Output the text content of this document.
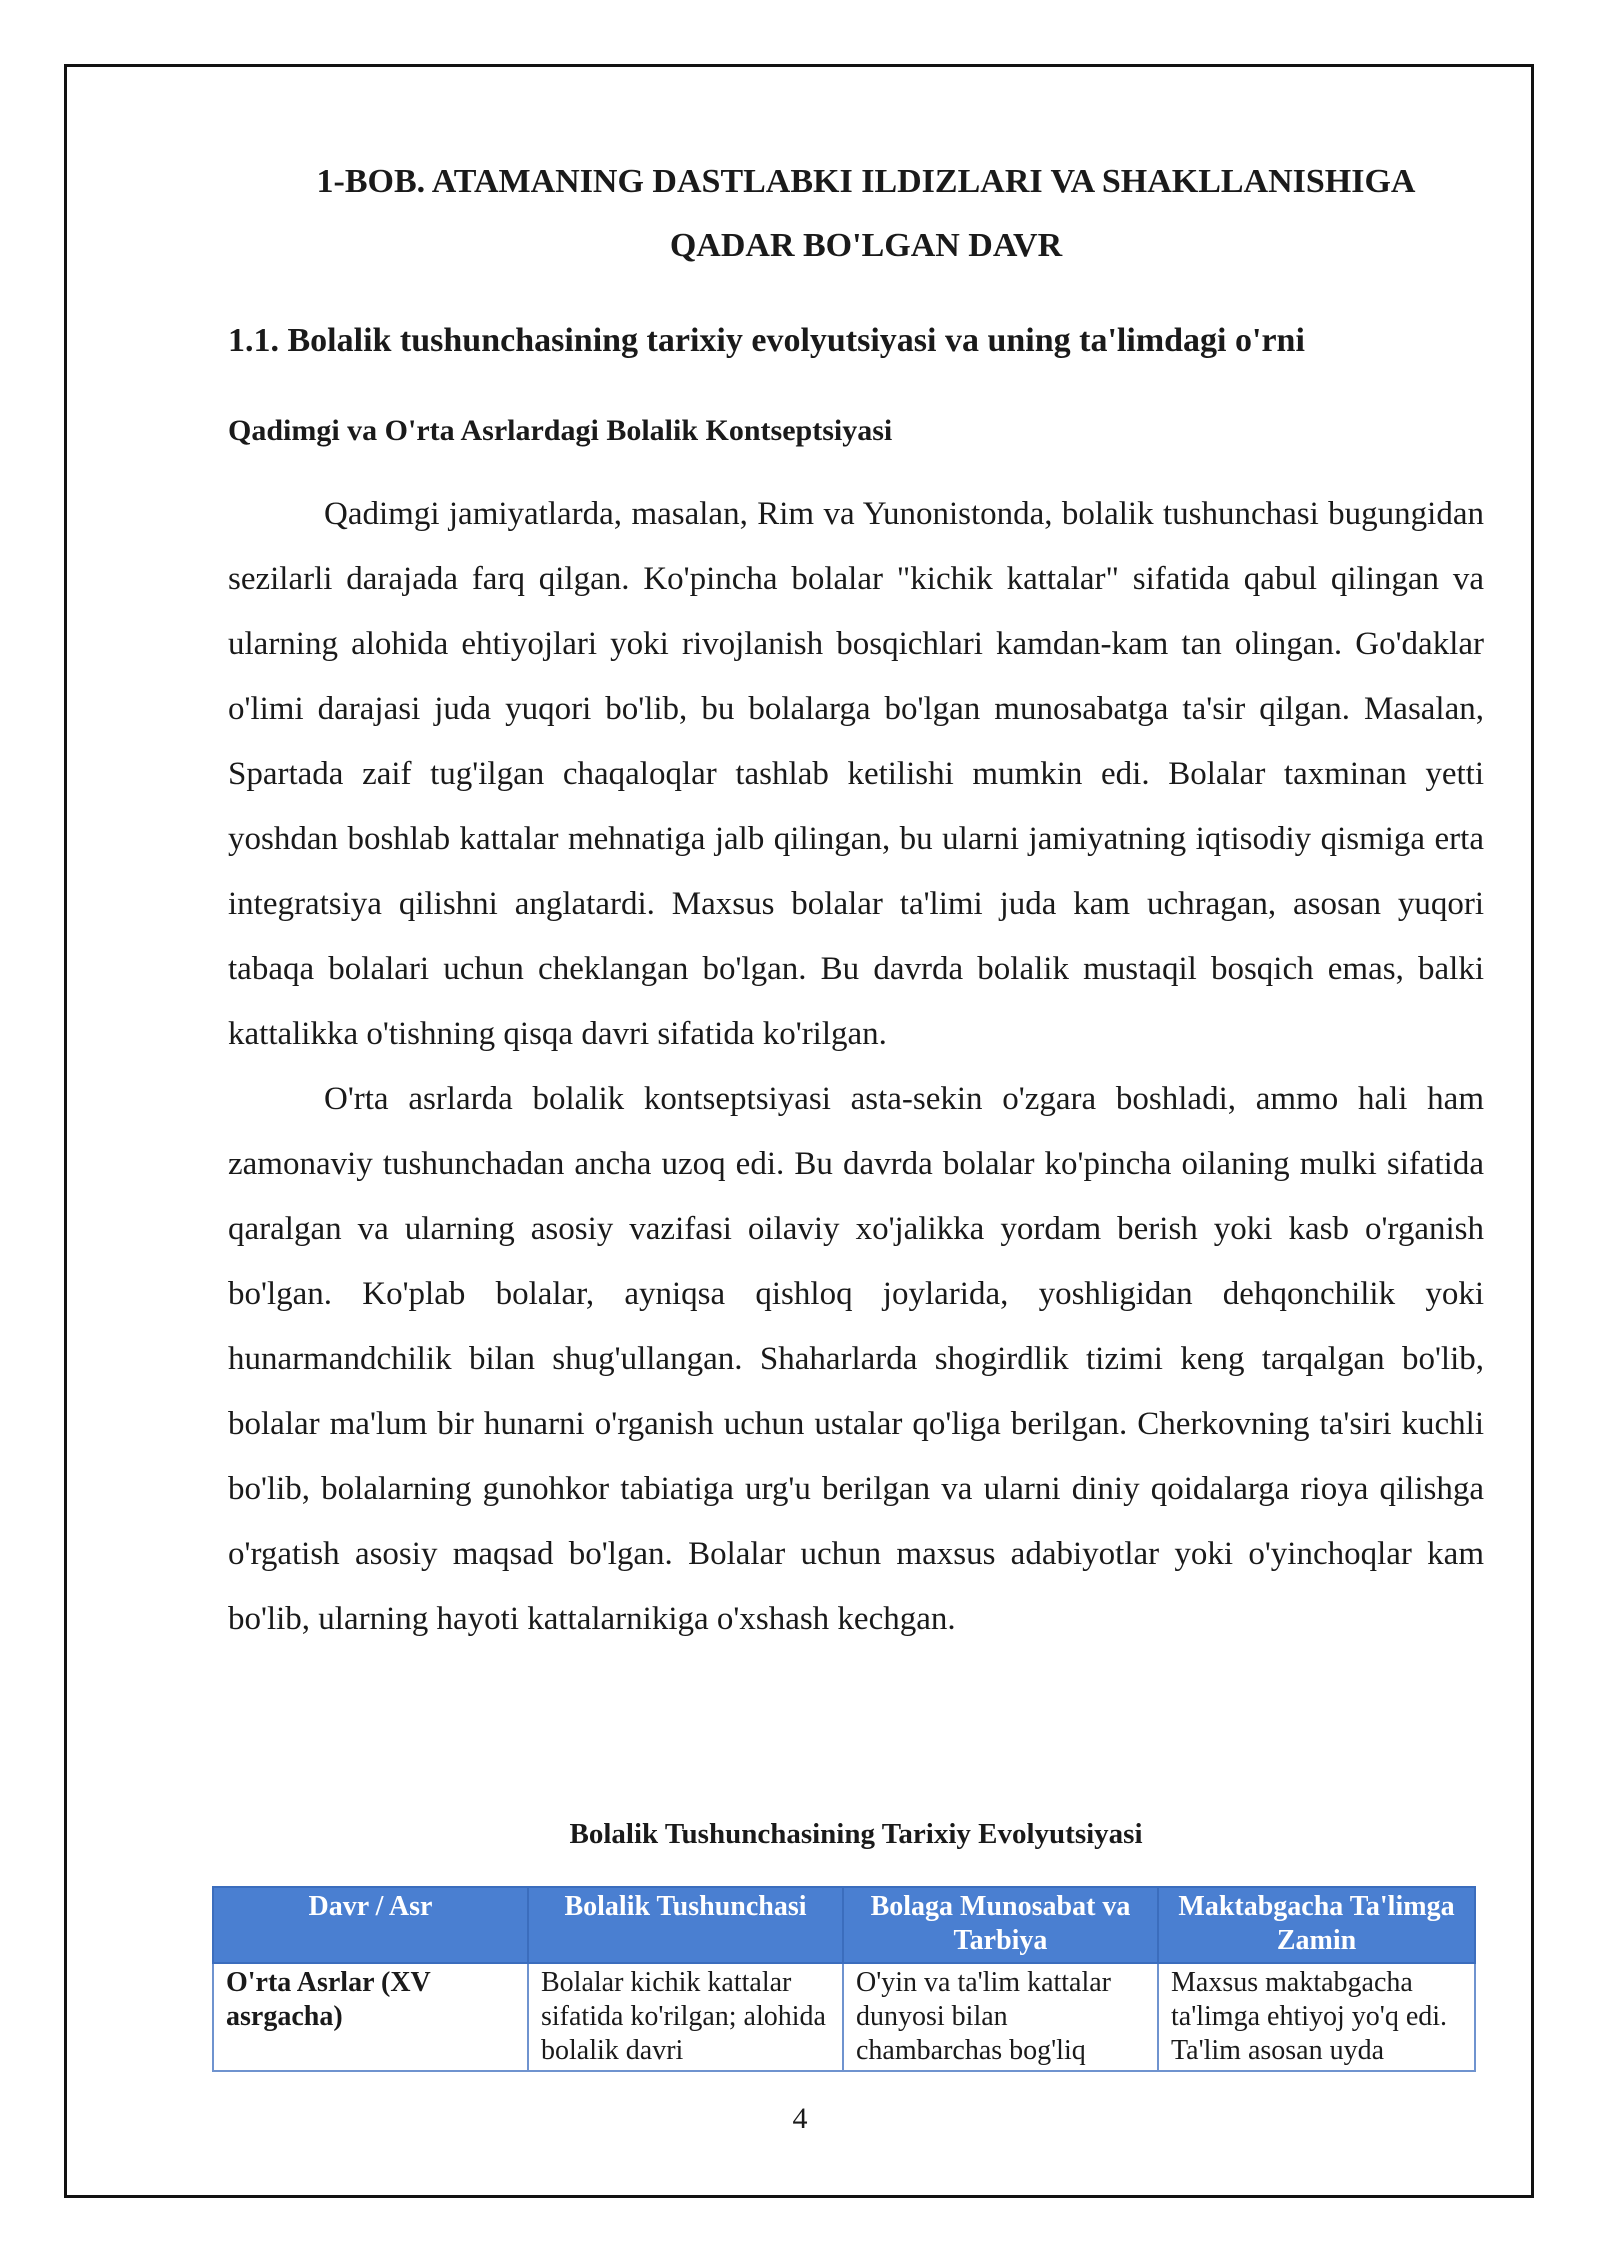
1-BOB. ATAMANING DASTLABKI ILDIZLARI VA SHAKLLANISHIGA
QADAR BO'LGAN DAVR
1.1. Bolalik tushunchasining tarixiy evolyutsiyasi va uning ta'limdagi o'rni
Qadimgi va O'rta Asrlardagi Bolalik Kontseptsiyasi

Qadimgi jamiyatlarda, masalan, Rim va Yunonistonda, bolalik tushunchasi bugungidan sezilarli darajada farq qilgan. Ko'pincha bolalar "kichik kattalar" sifatida qabul qilingan va ularning alohida ehtiyojlari yoki rivojlanish bosqichlari kamdan-kam tan olingan. Go'daklar o'limi darajasi juda yuqori bo'lib, bu bolalarga bo'lgan munosabatga ta'sir qilgan. Masalan, Spartada zaif tug'ilgan chaqaloqlar tashlab ketilishi mumkin edi. Bolalar taxminan yetti yoshdan boshlab kattalar mehnatiga jalb qilingan, bu ularni jamiyatning iqtisodiy qismiga erta integratsiya qilishni anglatardi. Maxsus bolalar ta'limi juda kam uchragan, asosan yuqori tabaqa bolalari uchun cheklangan bo'lgan. Bu davrda bolalik mustaqil bosqich emas, balki kattalikka o'tishning qisqa davri sifatida ko'rilgan.

O'rta asrlarda bolalik kontseptsiyasi asta-sekin o'zgara boshladi, ammo hali ham zamonaviy tushunchadan ancha uzoq edi. Bu davrda bolalar ko'pincha oilaning mulki sifatida qaralgan va ularning asosiy vazifasi oilaviy xo'jalikka yordam berish yoki kasb o'rganish bo'lgan. Ko'plab bolalar, ayniqsa qishloq joylarida, yoshligidan dehqonchilik yoki hunarmandchilik bilan shug'ullangan. Shaharlarda shogirdlik tizimi keng tarqalgan bo'lib, bolalar ma'lum bir hunarni o'rganish uchun ustalar qo'liga berilgan. Cherkovning ta'siri kuchli bo'lib, bolalarning gunohkor tabiatiga urg'u berilgan va ularni diniy qoidalarga rioya qilishga o'rgatish asosiy maqsad bo'lgan. Bolalar uchun maxsus adabiyotlar yoki o'yinchoqlar kam bo'lib, ularning hayoti kattalarnikiga o'xshash kechgan.

Bolalik Tushunchasining Tarixiy Evolyutsiyasi
Davr / Asr	Bolalik Tushunchasi	Bolaga Munosabat va Tarbiya	Maktabgacha Ta'limga Zamin

O'rta Asrlar (XV asrgacha)	Bolalar kichik kattalar sifatida ko'rilgan; alohida bolalik davri	O'yin va ta'lim kattalar dunyosi bilan chambarchas bog'liq	Maxsus maktabgacha ta'limga ehtiyoj yo'q edi. Ta'lim asosan uyda
4
